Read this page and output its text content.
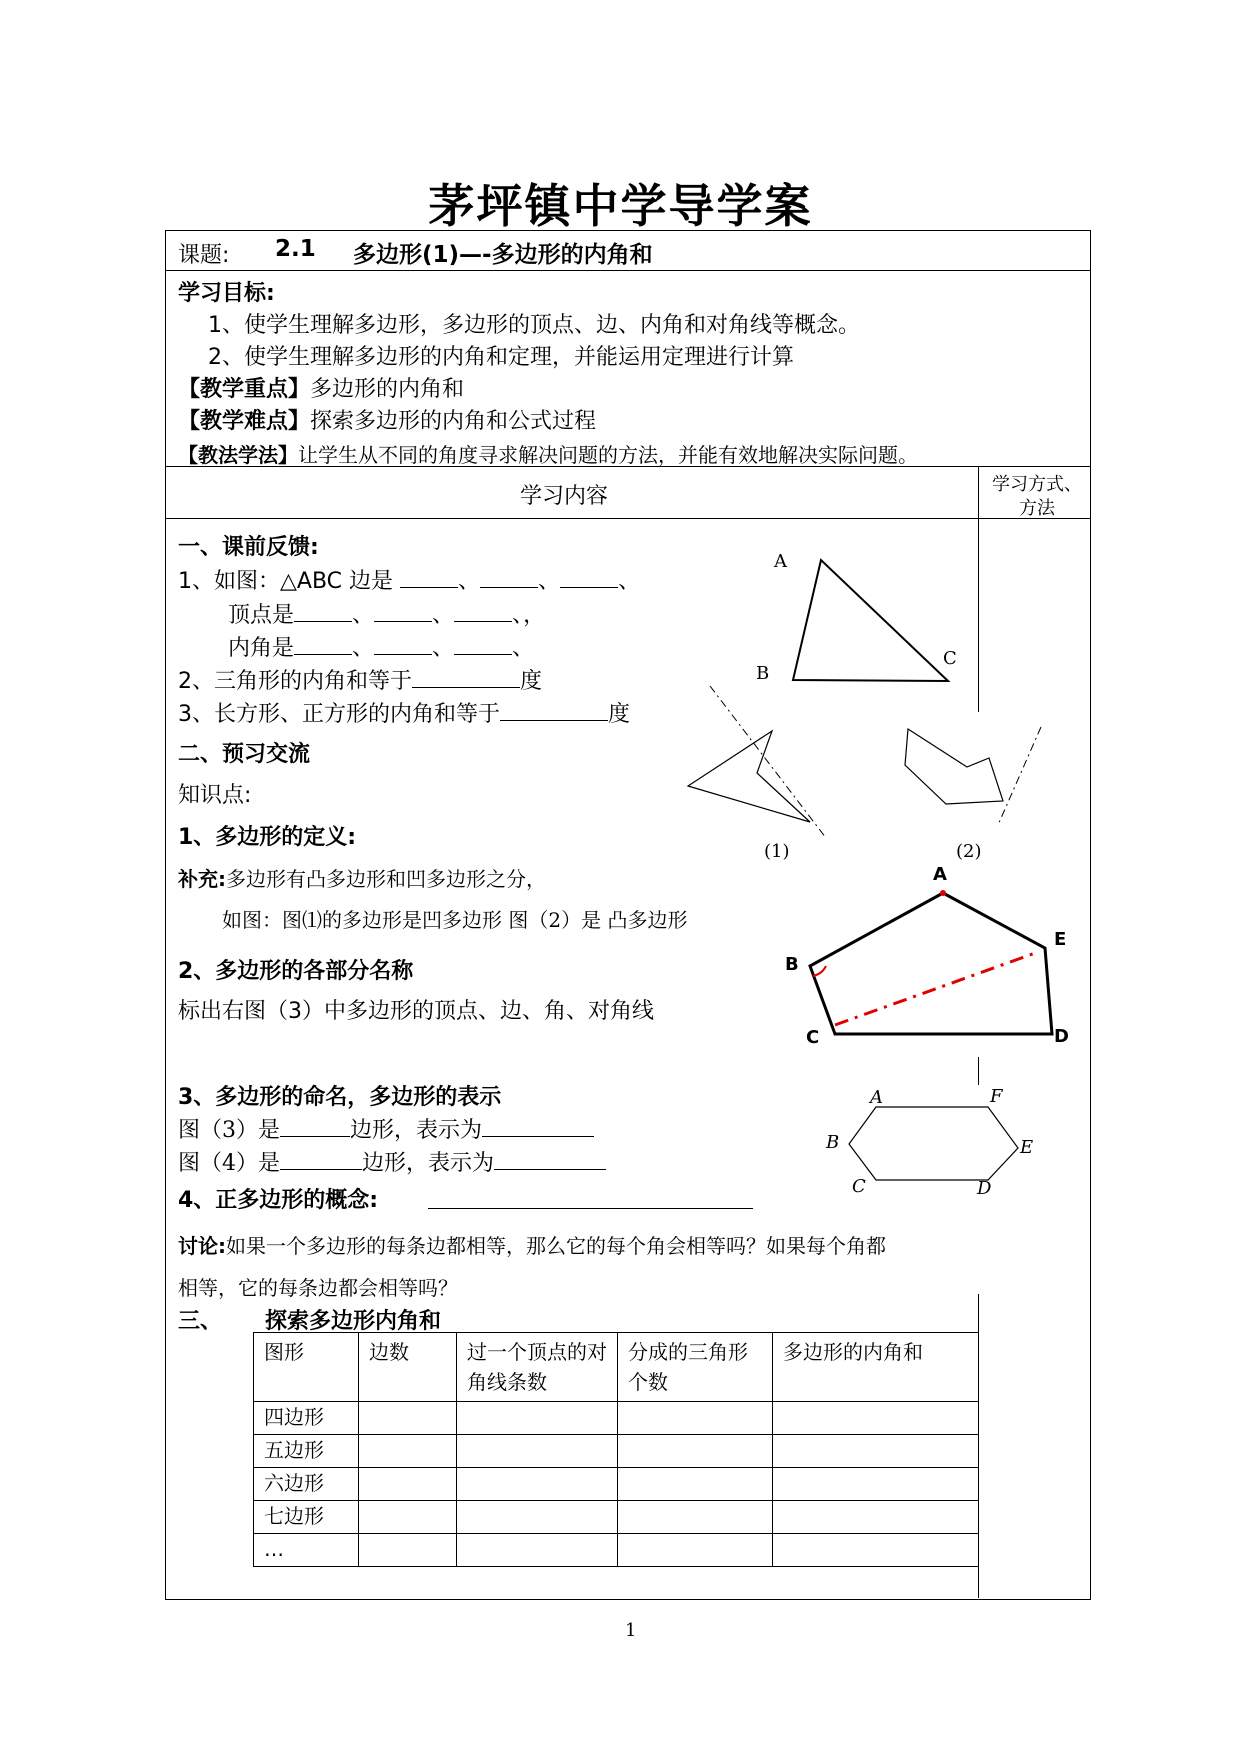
茅坪镇中学导学案
课题: 2.1 多边形(1)—-多边形的内角和
学习目标:
1、使学生理解多边形，多边形的顶点、边、内角和对角线等概念。
2、使学生理解多边形的内角和定理，并能运用定理进行计算
【教学重点】多边形的内角和
【教学难点】探索多边形的内角和公式过程
【教法学法】让学生从不同的角度寻求解决问题的方法，并能有效地解决实际问题。
学习内容	学习方式、
方法
一、课前反馈:
1、如图：△ABC 边是	、	、	、
顶点是	、	、	、，
内角是	、	、	、
2、三角形的内角和等于	度
3、长方形、正方形的内角和等于	度
二、预习交流
知识点:
1、多边形的定义:
补充:多边形有凸多边形和凹多边形之分，
如图：图⑴的多边形是凹多边形 图（2）是 凸多边形
2、多边形的各部分名称
标出右图（3）中多边形的顶点、边、角、对角线
3、多边形的命名，多边形的表示
图（3）是	边形，表示为
图（4）是	边形，表示为
4、正多边形的概念:
讨论:如果一个多边形的每条边都相等，那么它的每个角会相等吗？如果每个角都
相等，它的每条边都会相等吗？
三、 探索多边形内角和
图形	边数	过一个顶点的对角线条数	分成的三角形个数	多边形的内角和
四边形				
五边形				
六边形				
七边形				
…				
A
B
C
(1)	(2)
A
B
C	D
E
A
B
C	D
E
F
1
